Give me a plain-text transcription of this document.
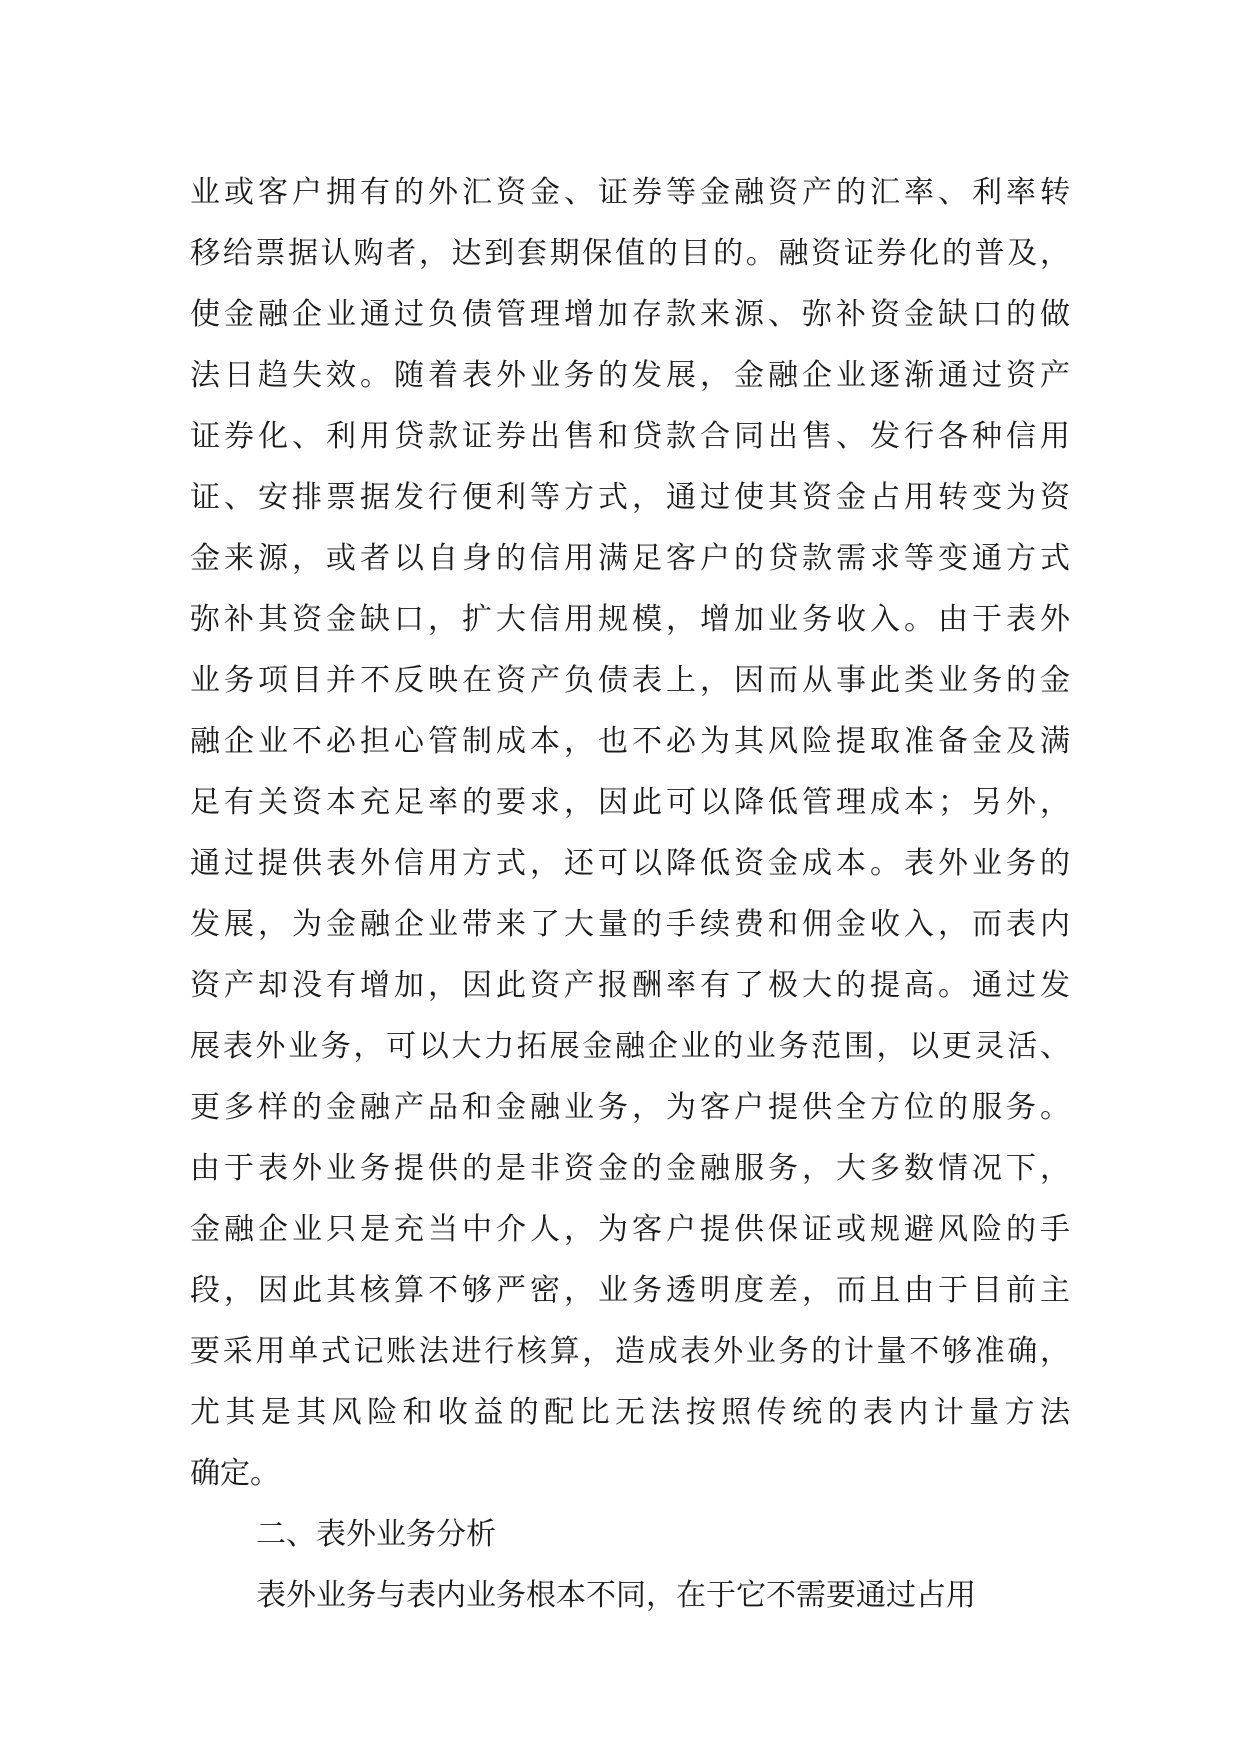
业或客户拥有的外汇资金、证券等金融资产的汇率、利率转
移给票据认购者，达到套期保值的目的。融资证券化的普及，
使金融企业通过负债管理增加存款来源、弥补资金缺口的做
法日趋失效。随着表外业务的发展，金融企业逐渐通过资产
证券化、利用贷款证券出售和贷款合同出售、发行各种信用
证、安排票据发行便利等方式，通过使其资金占用转变为资
金来源，或者以自身的信用满足客户的贷款需求等变通方式
弥补其资金缺口，扩大信用规模，增加业务收入。由于表外
业务项目并不反映在资产负债表上，因而从事此类业务的金
融企业不必担心管制成本，也不必为其风险提取准备金及满
足有关资本充足率的要求，因此可以降低管理成本；另外，
通过提供表外信用方式，还可以降低资金成本。表外业务的
发展，为金融企业带来了大量的手续费和佣金收入，而表内
资产却没有增加，因此资产报酬率有了极大的提高。通过发
展表外业务，可以大力拓展金融企业的业务范围，以更灵活、
更多样的金融产品和金融业务，为客户提供全方位的服务。
由于表外业务提供的是非资金的金融服务，大多数情况下，
金融企业只是充当中介人，为客户提供保证或规避风险的手
段，因此其核算不够严密，业务透明度差，而且由于目前主
要采用单式记账法进行核算，造成表外业务的计量不够准确，
尤其是其风险和收益的配比无法按照传统的表内计量方法
确定。
二、表外业务分析
表外业务与表内业务根本不同，在于它不需要通过占用
